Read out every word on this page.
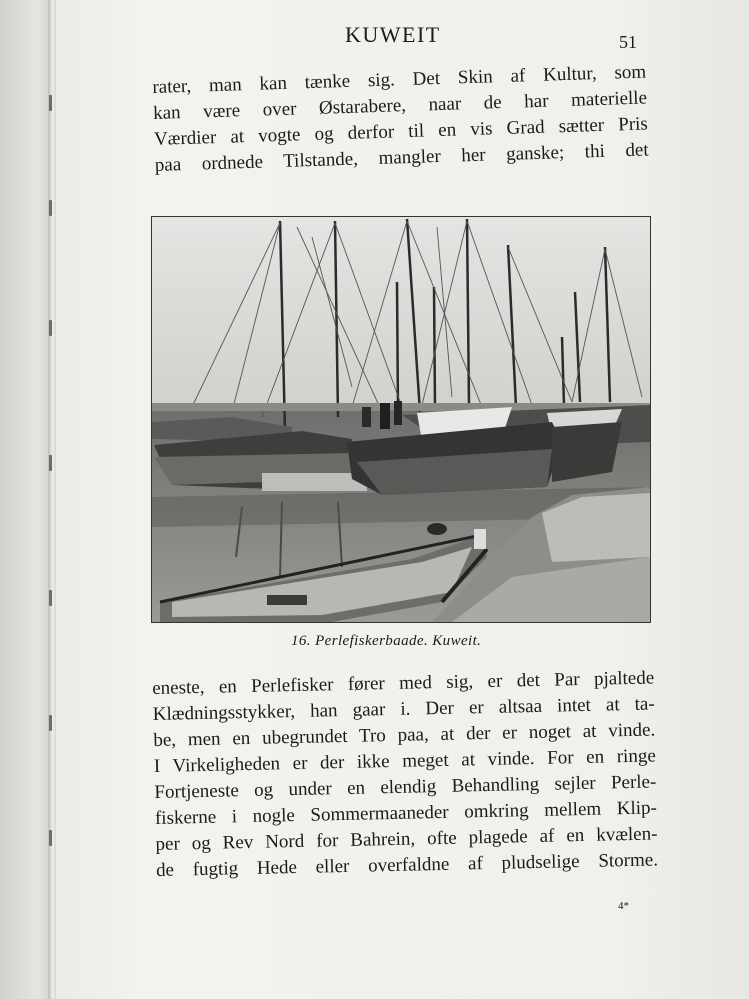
KUWEIT	51
rater, man kan tænke sig. Det Skin af Kultur, som
kan være over Østarabere, naar de har materielle
Værdier at vogte og derfor til en vis Grad sætter Pris
paa ordnede Tilstande, mangler her ganske; thi det
16. Perlefiskerbaade. Kuweit.
eneste, en Perlefisker fører med sig, er det Par pjaltede
Klædningsstykker, han gaar i. Der er altsaa intet at ta-
be, men en ubegrundet Tro paa, at der er noget at vinde.
I Virkeligheden er der ikke meget at vinde. For en ringe
Fortjeneste og under en elendig Behandling sejler Perle-
fiskerne i nogle Sommermaaneder omkring mellem Klip-
per og Rev Nord for Bahrein, ofte plagede af en kvælen-
de fugtig Hede eller overfaldne af pludselige Storme.
4*
